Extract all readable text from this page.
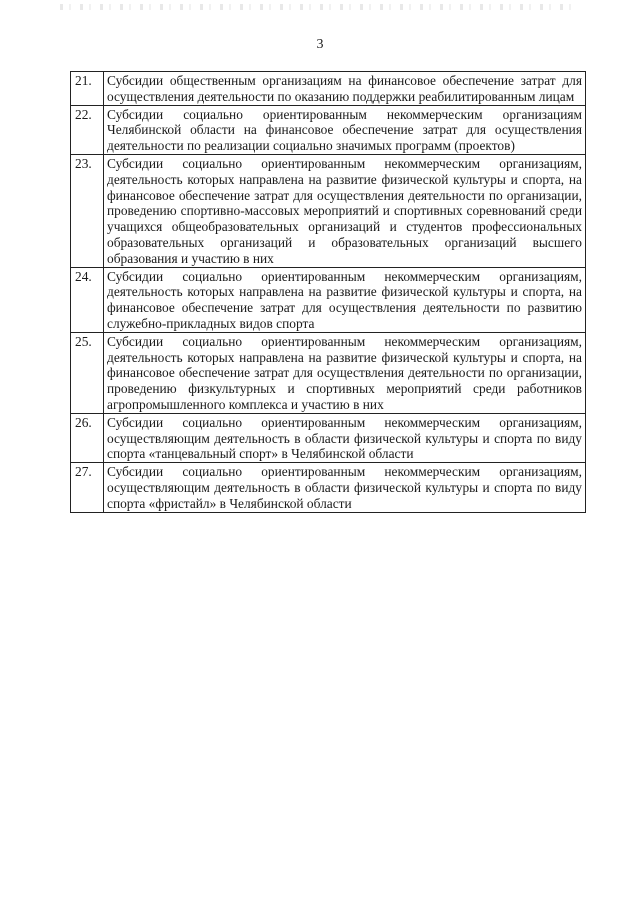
3
21.	Субсидии общественным организациям на финансовое обеспечение затрат для осуществления деятельности по оказанию поддержки реабилитированным лицам
22.	Субсидии социально ориентированным некоммерческим организациям Челябинской области на финансовое обеспечение затрат для осуществления деятельности по реализации социально значимых программ (проектов)
23.	Субсидии социально ориентированным некоммерческим организациям, деятельность которых направлена на развитие физической культуры и спорта, на финансовое обеспечение затрат для осуществления деятельности по организации, проведению спортивно-массовых мероприятий и спортивных соревнований среди учащихся общеобразовательных организаций и студентов профессиональных образовательных организаций и образовательных организаций высшего образования и участию в них
24.	Субсидии социально ориентированным некоммерческим организациям, деятельность которых направлена на развитие физической культуры и спорта, на финансовое обеспечение затрат для осуществления деятельности по развитию служебно-прикладных видов спорта
25.	Субсидии социально ориентированным некоммерческим организациям, деятельность которых направлена на развитие физической культуры и спорта, на финансовое обеспечение затрат для осуществления деятельности по организации, проведению физкультурных и спортивных мероприятий среди работников агропромышленного комплекса и участию в них
26.	Субсидии социально ориентированным некоммерческим организациям, осуществляющим деятельность в области физической культуры и спорта по виду спорта «танцевальный спорт» в Челябинской области
27.	Субсидии социально ориентированным некоммерческим организациям, осуществляющим деятельность в области физической культуры и спорта по виду спорта «фристайл» в Челябинской области
